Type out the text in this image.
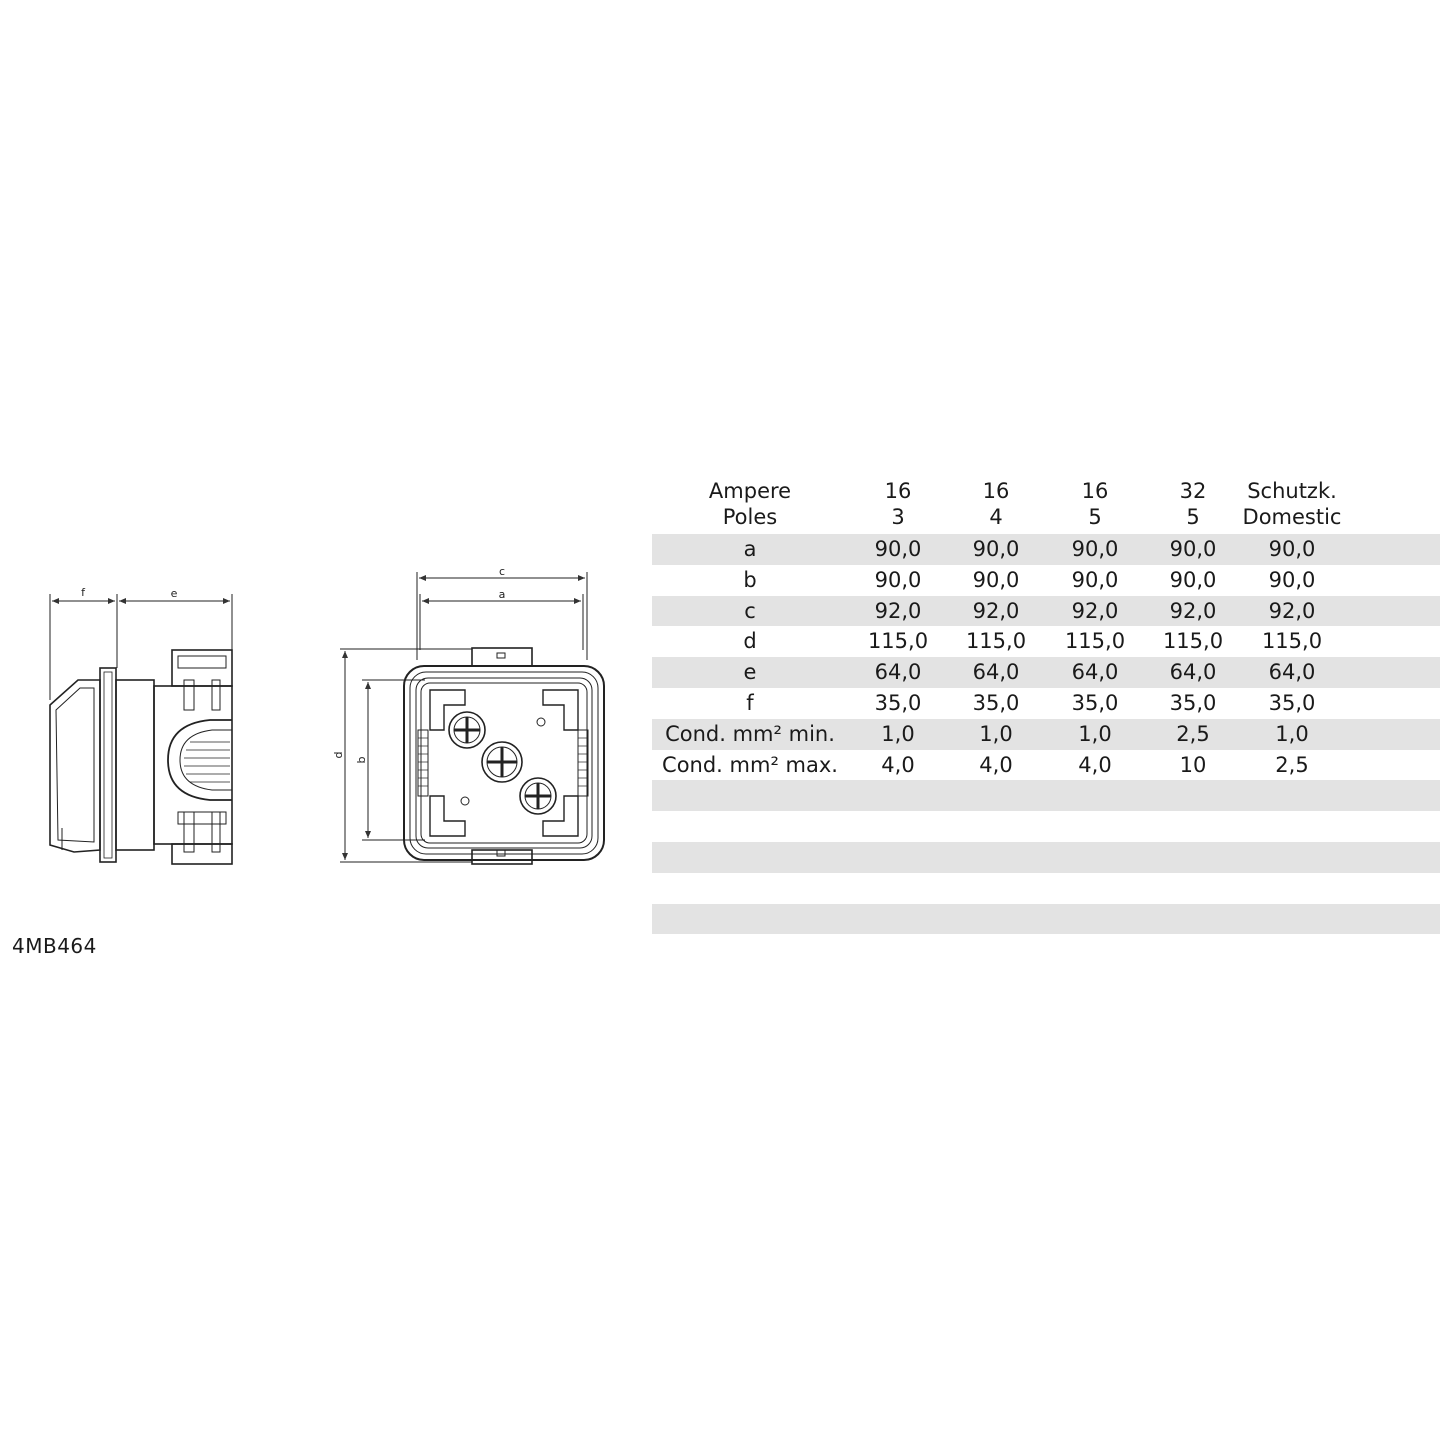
f	e
c
a
d
b
4MB464
Ampere	16	16	16	32 Schutzk.
Poles	3	4	5	5 Domestic
a	90,0 90,0 90,0 90,0 90,0
b	90,0 90,0 90,0 90,0 90,0
c	92,0 92,0 92,0 92,0 92,0
d	115,0 115,0 115,0 115,0 115,0
e	64,0 64,0 64,0 64,0 64,0
f	35,0 35,0 35,0 35,0 35,0
Cond. mm² min. 1,0	1,0	1,0	2,5	1,0
Cond. mm² max. 4,0	4,0	4,0	10	2,5
